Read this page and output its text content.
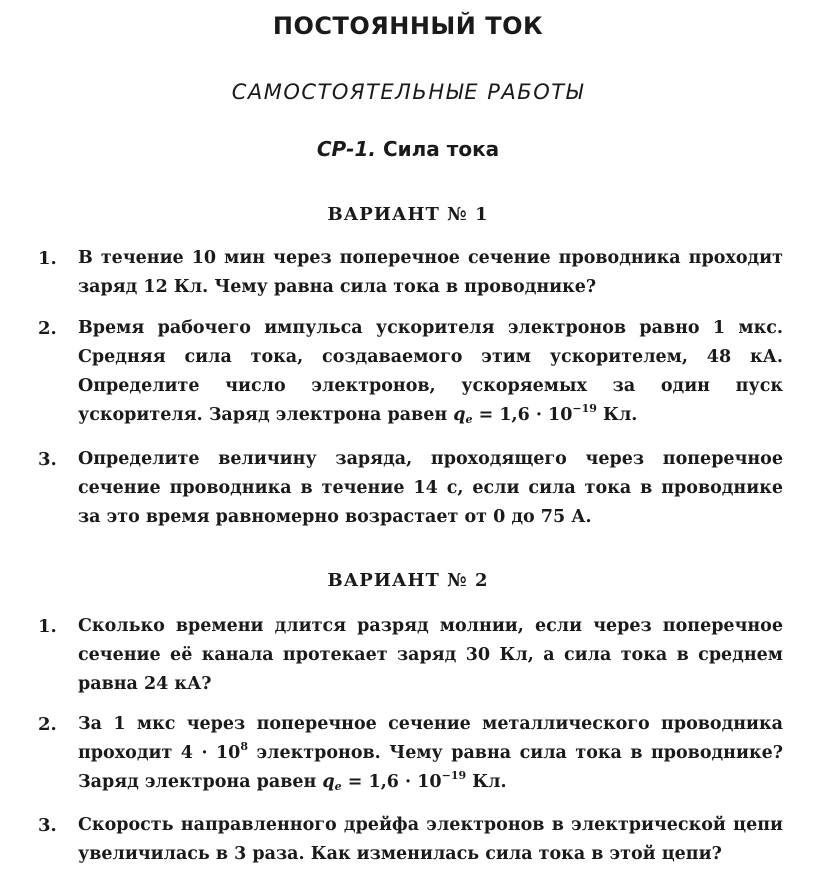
ПОСТОЯННЫЙ ТОК
САМОСТОЯТЕЛЬНЫЕ РАБОТЫ
СР-1. Сила тока
ВАРИАНТ № 1
1.	В течение 10 мин через поперечное сечение проводника проходит заряд 12 Кл. Чему равна сила тока в проводнике?
2.	Время рабочего импульса ускорителя электронов равно 1 мкс. Средняя сила тока, создаваемого этим ускорителем, 48 кА. Определите число электронов, ускоряемых за один пуск ускорителя. Заряд электрона равен $q_e = 1,6 \cdot 10^{-19}$ Кл.
3.	Определите величину заряда, проходящего через поперечное сечение проводника в течение 14 с, если сила тока в проводнике за это время равномерно возрастает от 0 до 75 А.
ВАРИАНТ № 2
1.	Сколько времени длится разряд молнии, если через поперечное сечение её канала протекает заряд 30 Кл, а сила тока в среднем равна 24 кА?
2.	За 1 мкс через поперечное сечение металлического проводника проходит $4 \cdot 10^8$ электронов. Чему равна сила тока в проводнике? Заряд электрона равен $q_e = 1,6 \cdot 10^{-19}$ Кл.
3.	Скорость направленного дрейфа электронов в электрической цепи увеличилась в 3 раза. Как изменилась сила тока в этой цепи?
